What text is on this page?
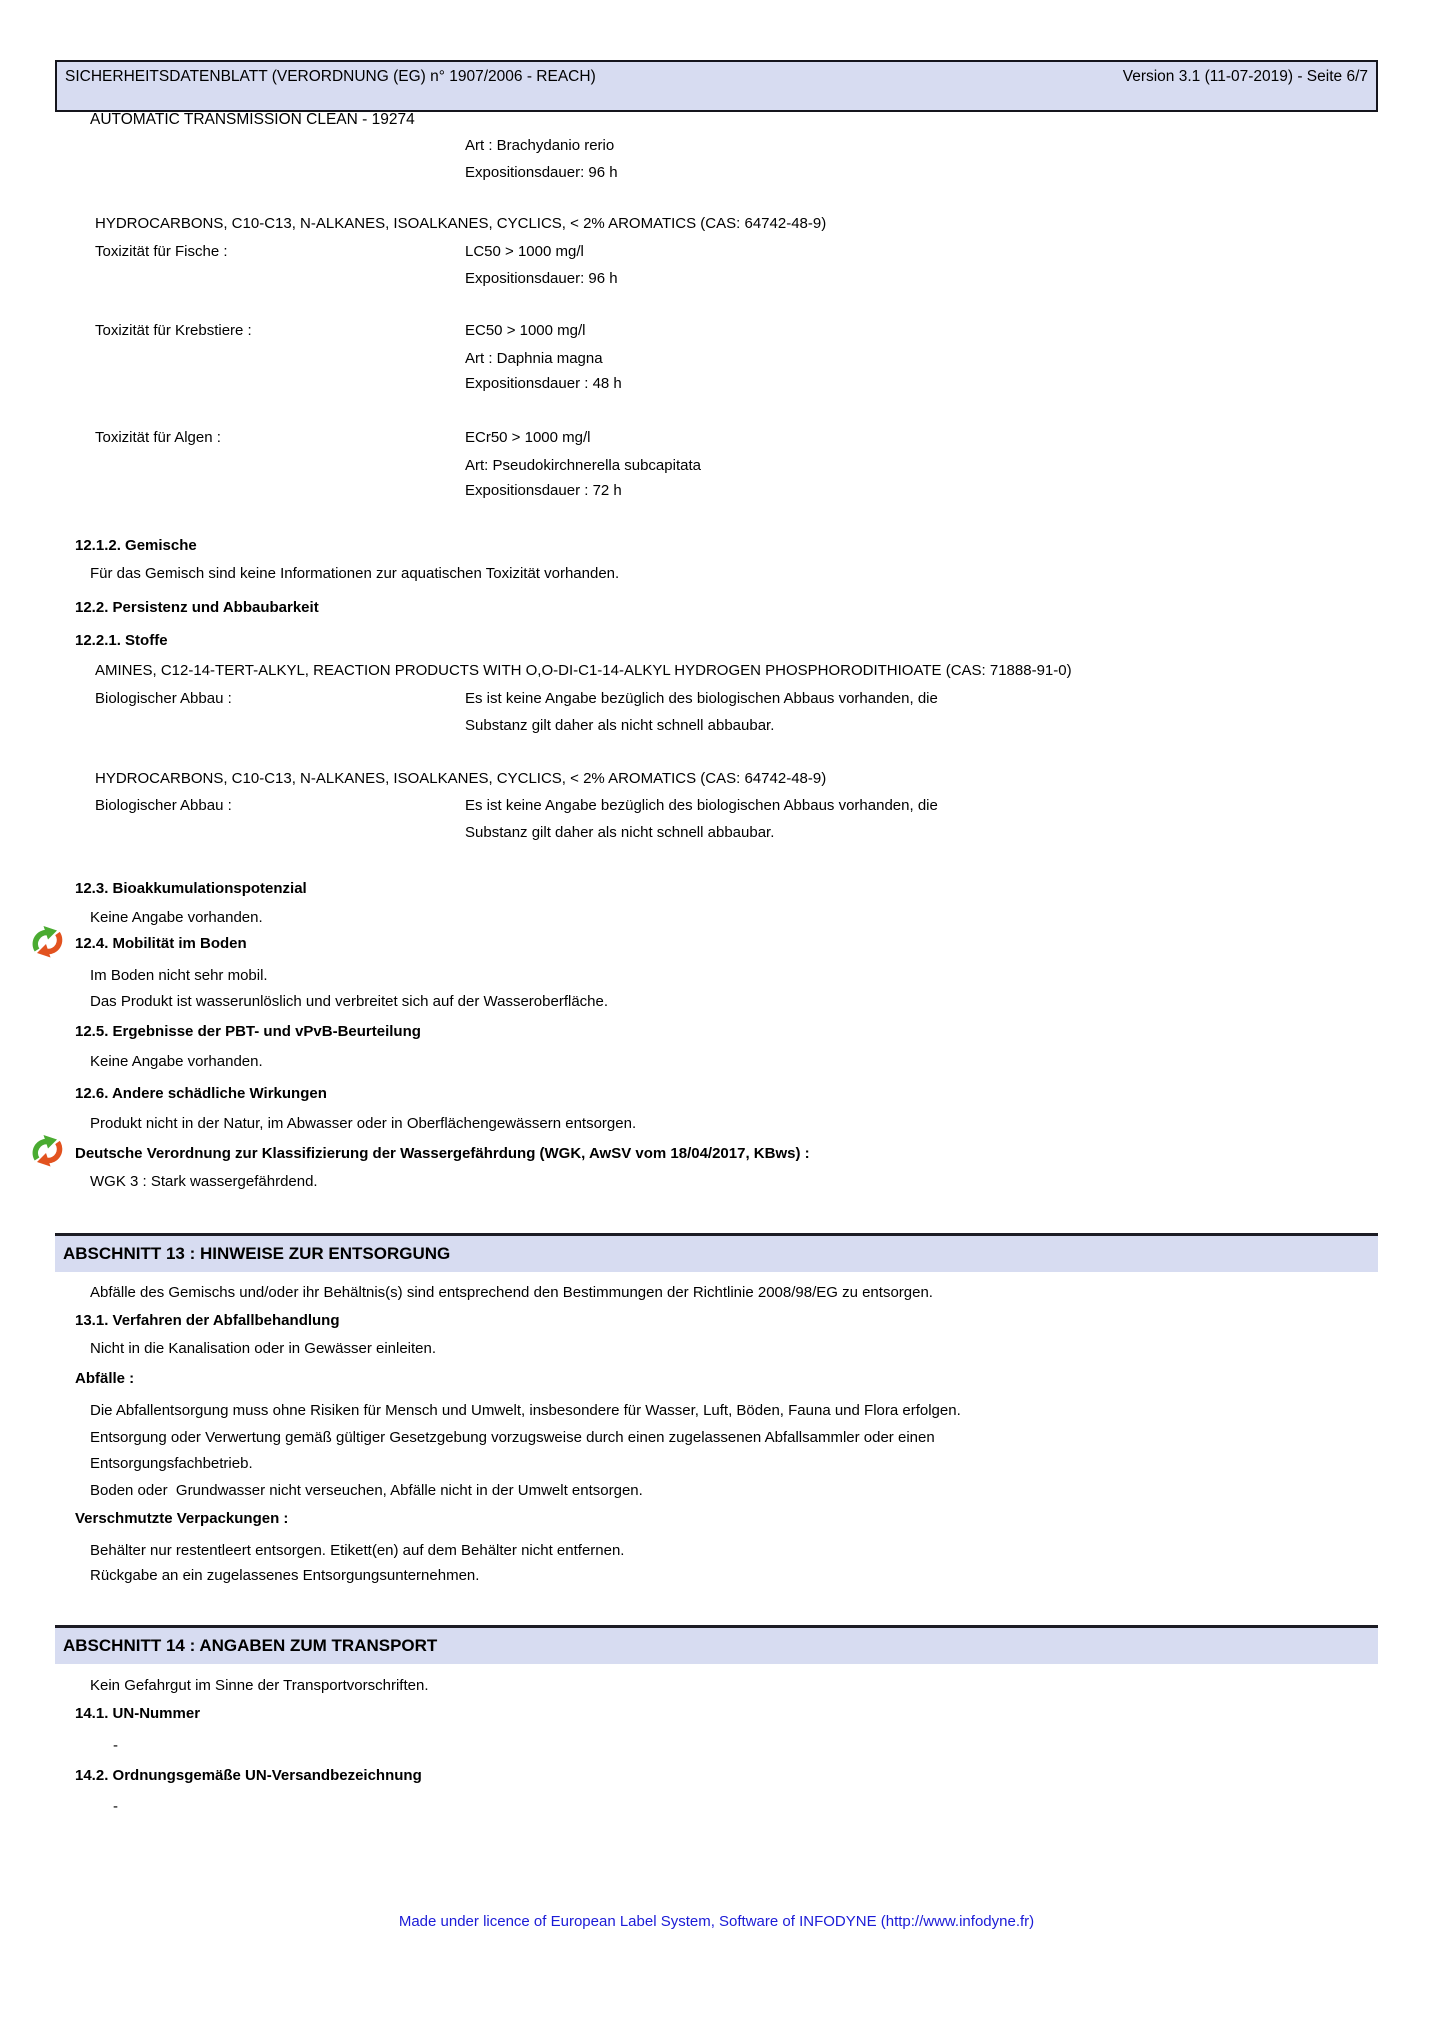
SICHERHEITSDATENBLATT (VERORDNUNG (EG) n° 1907/2006 - REACH)	Version 3.1 (11-07-2019) - Seite 6/7

AUTOMATIC TRANSMISSION CLEAN - 19274

Art : Brachydanio rerio
Expositionsdauer: 96 h
HYDROCARBONS, C10-C13, N-ALKANES, ISOALKANES, CYCLICS, < 2% AROMATICS (CAS: 64742-48-9)
Toxizität für Fische :	LC50 > 1000 mg/l
Expositionsdauer: 96 h
Toxizität für Krebstiere :	EC50 > 1000 mg/l
Art : Daphnia magna
Expositionsdauer : 48 h
Toxizität für Algen :	ECr50 > 1000 mg/l
Art: Pseudokirchnerella subcapitata
Expositionsdauer : 72 h
12.1.2. Gemische
Für das Gemisch sind keine Informationen zur aquatischen Toxizität vorhanden.
12.2. Persistenz und Abbaubarkeit
12.2.1. Stoffe
AMINES, C12-14-TERT-ALKYL, REACTION PRODUCTS WITH O,O-DI-C1-14-ALKYL HYDROGEN PHOSPHORODITHIOATE (CAS: 71888-91-0)
Biologischer Abbau :	Es ist keine Angabe bezüglich des biologischen Abbaus vorhanden, die
Substanz gilt daher als nicht schnell abbaubar.
HYDROCARBONS, C10-C13, N-ALKANES, ISOALKANES, CYCLICS, < 2% AROMATICS (CAS: 64742-48-9)
Biologischer Abbau :	Es ist keine Angabe bezüglich des biologischen Abbaus vorhanden, die
Substanz gilt daher als nicht schnell abbaubar.
12.3. Bioakkumulationspotenzial
Keine Angabe vorhanden.
12.4. Mobilität im Boden
Im Boden nicht sehr mobil.
Das Produkt ist wasserunlöslich und verbreitet sich auf der Wasseroberfläche.
12.5. Ergebnisse der PBT- und vPvB-Beurteilung
Keine Angabe vorhanden.
12.6. Andere schädliche Wirkungen
Produkt nicht in der Natur, im Abwasser oder in Oberflächengewässern entsorgen.
Deutsche Verordnung zur Klassifizierung der Wassergefährdung (WGK, AwSV vom 18/04/2017, KBws) :
WGK 3 : Stark wassergefährdend.
Abfälle des Gemischs und/oder ihr Behältnis(s) sind entsprechend den Bestimmungen der Richtlinie 2008/98/EG zu entsorgen.
13.1. Verfahren der Abfallbehandlung
Nicht in die Kanalisation oder in Gewässer einleiten.
Abfälle :
Die Abfallentsorgung muss ohne Risiken für Mensch und Umwelt, insbesondere für Wasser, Luft, Böden, Fauna und Flora erfolgen.
Entsorgung oder Verwertung gemäß gültiger Gesetzgebung vorzugsweise durch einen zugelassenen Abfallsammler oder einen
Entsorgungsfachbetrieb.
Boden oder  Grundwasser nicht verseuchen, Abfälle nicht in der Umwelt entsorgen.
Verschmutzte Verpackungen :
Behälter nur restentleert entsorgen. Etikett(en) auf dem Behälter nicht entfernen.
Rückgabe an ein zugelassenes Entsorgungsunternehmen.
Kein Gefahrgut im Sinne der Transportvorschriften.
14.1. UN-Nummer
-
14.2. Ordnungsgemäße UN-Versandbezeichnung
-
ABSCHNITT 13 : HINWEISE ZUR ENTSORGUNG
ABSCHNITT 14 : ANGABEN ZUM TRANSPORT
Made under licence of European Label System, Software of INFODYNE (http://www.infodyne.fr)
